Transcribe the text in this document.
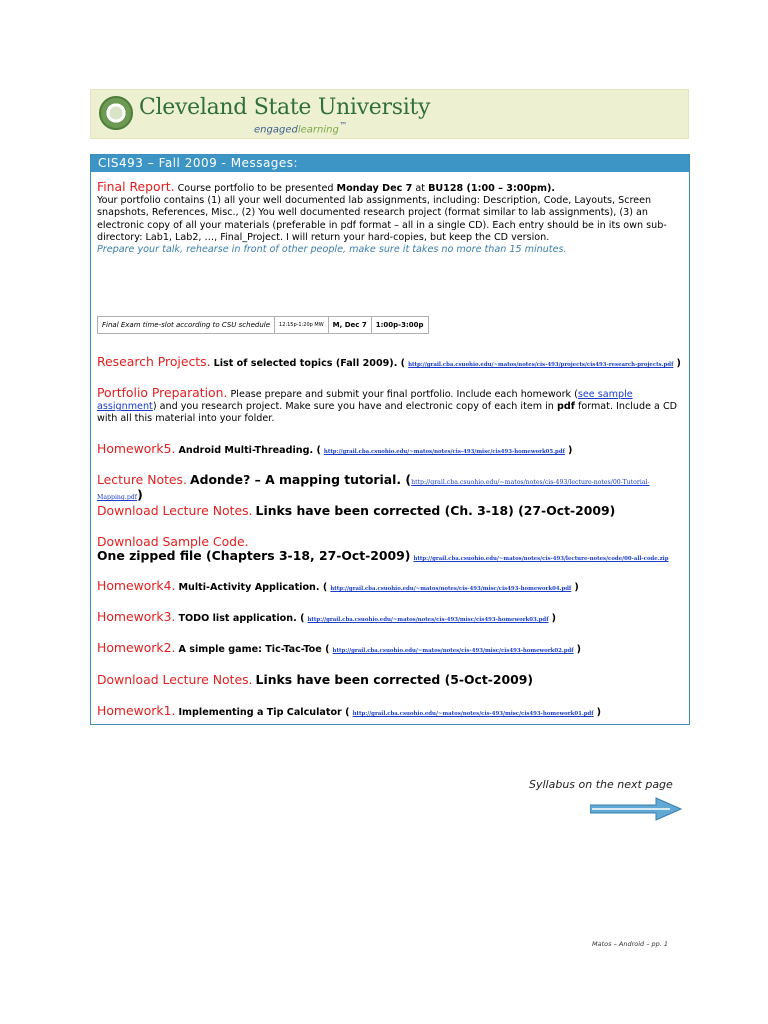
Cleveland State University
engagedlearning™
CIS493 – Fall 2009 - Messages:
Final Report. Course portfolio to be presented Monday Dec 7 at BU128 (1:00 – 3:00pm).
Your portfolio contains (1) all your well documented lab assignments, including: Description, Code, Layouts, Screen snapshots, References, Misc., (2) You well documented research project (format similar to lab assignments), (3) an electronic copy of all your materials (preferable in pdf format – all in a single CD). Each entry should be in its own sub-directory: Lab1, Lab2, …, Final_Project. I will return your hard-copies, but keep the CD version.
Prepare your talk, rehearse in front of other people, make sure it takes no more than 15 minutes.
Final Exam time-slot according to CSU schedule	12:15p-1:20p MW	M, Dec 7	1:00p-3:00p
Research Projects. List of selected topics (Fall 2009). ( http://grail.cba.csuohio.edu/~matos/notes/cis-493/projects/cis493-research-projects.pdf )
Portfolio Preparation. Please prepare and submit your final portfolio. Include each homework (see sample assignment) and you research project. Make sure you have and electronic copy of each item in pdf format. Include a CD with all this material into your folder.
Homework5. Android Multi-Threading. ( http://grail.cba.csuohio.edu/~matos/notes/cis-493/misc/cis493-homework05.pdf )
Lecture Notes. Adonde? – A mapping tutorial. (http://grail.cba.csuohio.edu/~matos/notes/cis-493/lecture-notes/00-Tutorial-Mapping.pdf)
Download Lecture Notes. Links have been corrected (Ch. 3-18) (27-Oct-2009)
Download Sample Code.
One zipped file (Chapters 3-18, 27-Oct-2009) http://grail.cba.csuohio.edu/~matos/notes/cis-493/lecture-notes/code/00-all-code.zip
Homework4. Multi-Activity Application. ( http://grail.cba.csuohio.edu/~matos/notes/cis-493/misc/cis493-homework04.pdf )
Homework3. TODO list application. ( http://grail.cba.csuohio.edu/~matos/notes/cis-493/misc/cis493-homework03.pdf )
Homework2. A simple game: Tic-Tac-Toe ( http://grail.cba.csuohio.edu/~matos/notes/cis-493/misc/cis493-homework02.pdf )
Download Lecture Notes. Links have been corrected (5-Oct-2009)
Homework1. Implementing a Tip Calculator ( http://grail.cba.csuohio.edu/~matos/notes/cis-493/misc/cis493-homework01.pdf )
Syllabus on the next page
Matos – Android – pp. 1
